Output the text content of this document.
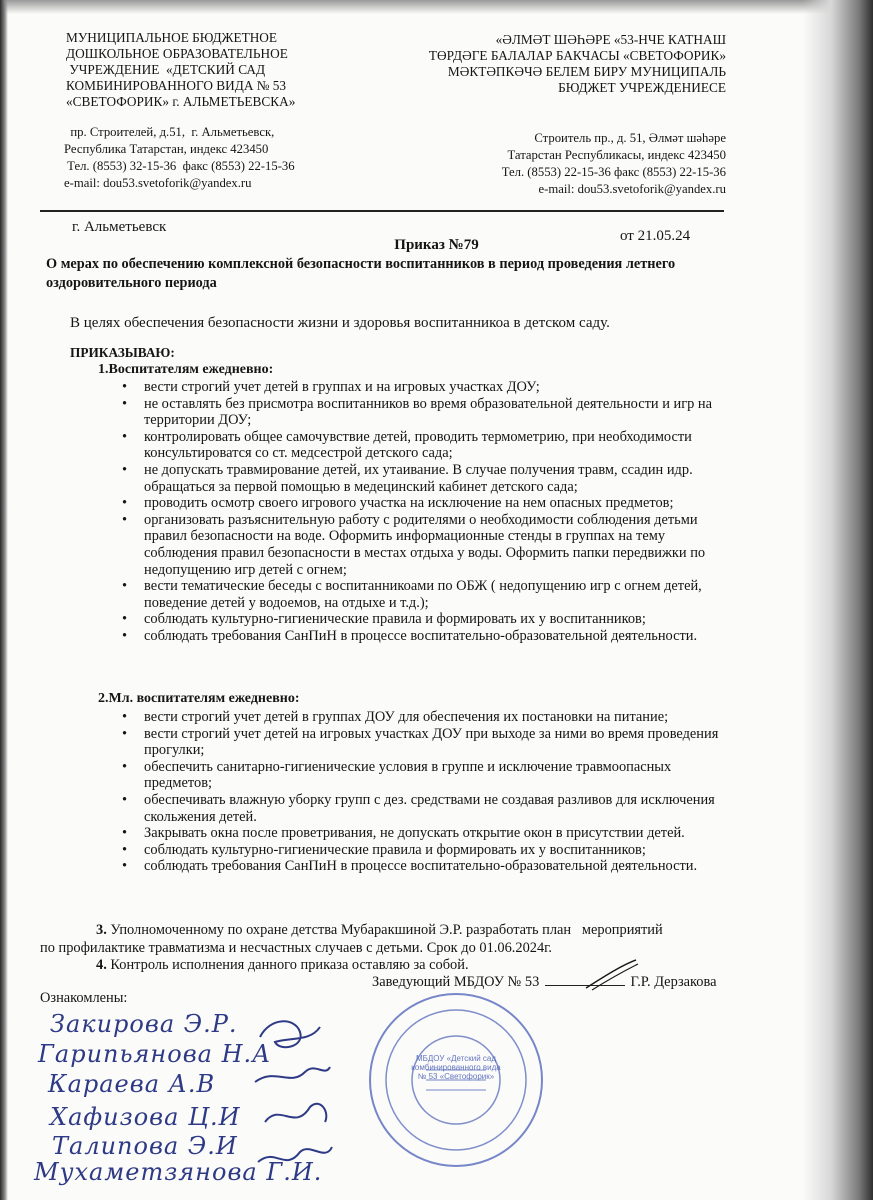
МУНИЦИПАЛЬНОЕ БЮДЖЕТНОЕ
ДОШКОЛЬНОЕ ОБРАЗОВАТЕЛЬНОЕ
УЧРЕЖДЕНИЕ  «ДЕТСКИЙ САД
КОМБИНИРОВАННОГО ВИДА № 53
«СВЕТОФОРИК» г. АЛЬМЕТЬЕВСКА»
«ӘЛМӘТ ШӘҺӘРЕ «53-НЧЕ КАТНАШ
ТӨРДӘГЕ БАЛАЛАР БАКЧАСЫ «СВЕТОФОРИК»
МӘКТӘПКӘЧӘ БЕЛЕМ БИРУ МУНИЦИПАЛЬ
БЮДЖЕТ УЧРЕЖДЕНИЕСЕ
пр. Строителей, д.51,  г. Альметьевск,
Республика Татарстан, индекс 423450
Тел. (8553) 32-15-36  факс (8553) 22-15-36
e-mail: dou53.svetoforik@yandex.ru
Строитель пр., д. 51, Әлмәт шәһәре
Татарстан Республикасы, индекс 423450
Тел. (8553) 22-15-36 факс (8553) 22-15-36
e-mail: dou53.svetoforik@yandex.ru
г. Альметьевск
от 21.05.24
Приказ №79
О мерах по обеспечению комплексной безопасности воспитанников в период проведения летнего оздоровительного периода
В целях обеспечения безопасности жизни и здоровья воспитанникоа в детском саду.
ПРИКАЗЫВАЮ:
1.Воспитателям ежедневно:
• вести строгий учет детей в группах и на игровых участках ДОУ;
• не оставлять без присмотра воспитанников во время образовательной деятельности и игр на территории ДОУ;
• контролировать общее самочувствие детей, проводить термометрию, при необходимости консультироватся со ст. медсестрой детского сада;
• не допускать травмирование детей, их утаивание. В случае получения травм, ссадин идр. обращаться за первой помощью в медецинский кабинет детского сада;
• проводить осмотр своего игрового участка на исключение на нем опасных предметов;
• организовать разъяснительную работу с родителями о необходимости соблюдения детьми правил безопасности на воде. Оформить информационные стенды в группах на тему соблюдения правил безопасности в местах отдыха у воды. Оформить папки передвижки по недопущению игр детей с огнем;
• вести тематические беседы с воспитанникоами по ОБЖ ( недопущению игр с огнем детей, поведение детей у водоемов, на отдыхе и т.д.);
• соблюдать культурно-гигиенические правила и формировать их у воспитанников;
• соблюдать требования СанПиН в процессе воспитательно-образовательной деятельности.
2.Мл. воспитателям ежедневно:
• вести строгий учет детей в группах ДОУ для обеспечения их постановки на питание;
• вести строгий учет детей на игровых участках ДОУ при выходе за ними во время проведения прогулки;
• обеспечить санитарно-гигиенические условия в группе и исключение травмоопасных предметов;
• обеспечивать влажную уборку групп с дез. средствами не создавая разливов для исключения скольжения детей.
• Закрывать окна после проветривания, не допускать открытие окон в присутствии детей.
• соблюдать культурно-гигиенические правила и формировать их у воспитанников;
• соблюдать требования СанПиН в процессе воспитательно-образовательной деятельности.
3. Уполномоченному по охране детства Мубаракшиной Э.Р. разработать план   мероприятий
по профилактике травматизма и несчастных случаев с детьми. Срок до 01.06.2024г.
4. Контроль исполнения данного приказа оставляю за собой.
Заведующий МБДОУ № 53	Г.Р. Дерзакова
Ознакомлены:
Закирова Э.Р.
Гарипьянова Н.А
Караева А.В
Хафизова Ц.И
Талипова Э.И
Мухаметзянова Г.И.
МБДОУ «Детский сад комбинированного вида № 53 «Светофорик»
